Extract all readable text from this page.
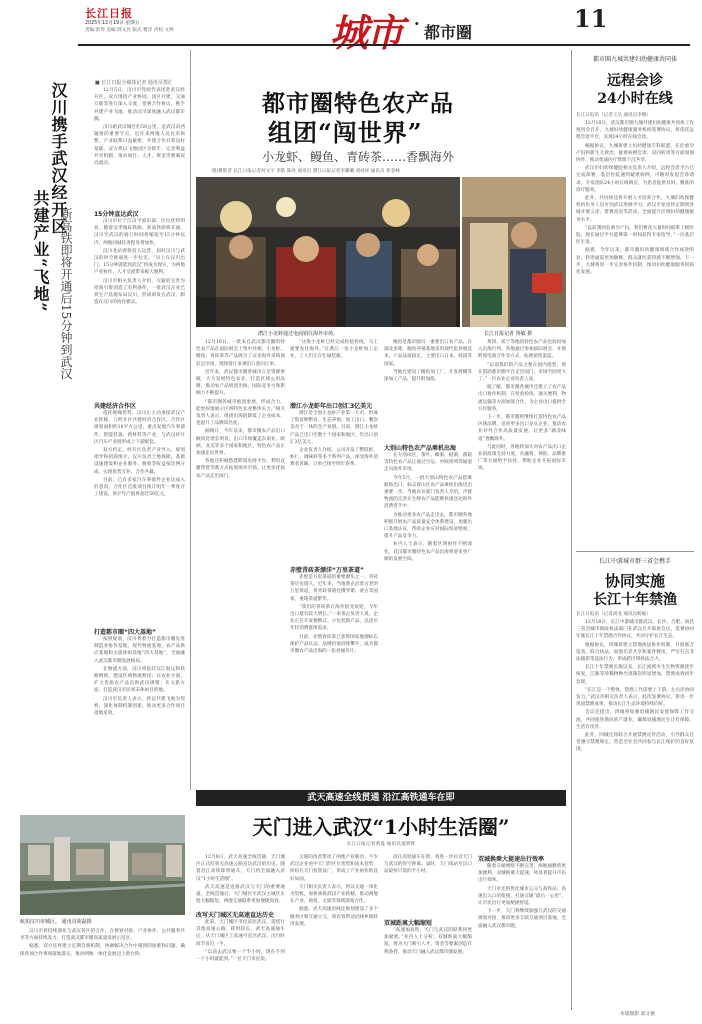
长江日报
2025年12月19日 星期五
责编:彭琴 美编:郭文昌 版式:曹洋 责校:文婷	城市 · 都市圈	11
■ 长江日报全媒体记者 通讯员郑汇
汉川携手武汉经开区
共建产业“飞地” 新高铁即将开通后15分钟到武汉

12月5日，汉川市党政代表团赴武汉经开区，双方围绕产业协同、园区共建、交通互联等进行深入交流，签署合作协议，携手共建产业飞地，推动汉川深度融入武汉都市圈。

汉川距武汉城区约50公里，是武汉向西辐射的重要节点。近年来两地人员往来频繁，产业联系日益紧密，共建合作有着良好基础。双方将以飞地园区为抓手，完善利益共享机制，推动项目、人才、资金等要素双向流动。

15分钟直达武汉

汉川市位于江汉平原东部，区位优势明显。随着汉孝城际铁路、新高铁即将开通，汉川至武汉的通行时间将缩短至15分钟以内，两地同城化进程显著加快。

汉川北站即将投入运营，届时汉川与武汉的时空距离进一步拉近。“早上在汉川出门，15分钟就能到武汉”将成为现实，为两地产业协作、人才交流带来极大便利。

汉川市相关负责人介绍，交通的完善为招商引资创造了有利条件，一批武汉企业已将生产基地布局汉川，形成研发在武汉、制造在汉川的协作模式。

共建经济合作区

依托地缘优势，汉川正主动承接武汉产业转移，与经开区共建经济合作区。合作区规划面积约10平方公里，重点发展汽车零部件、智能装备、新材料等产业，与武汉经开区汽车产业链形成上下游配套。

双方约定，经开区负责产业导入、规划指导和招商推介，汉川负责土地保障、基础设施建设和企业服务，税收等收益按比例分成，实现优势互补、合作共赢。

目前，已有多家汽车零部件企业达成入驻意向，合作区首批项目预计明年一季度开工建设，预计年产值将超过50亿元。

打造都市圈“四大基地”

按照规划，汉川将着力打造都市圈先进制造业协作基地、现代物流基地、农产品供应基地和文旅休闲基地“四大基地”，全面融入武汉都市圈发展格局。

在物流方面，汉川将依托汉江航运和铁路网络，建设区域物流枢纽；在农业方面，扩大优质农产品直供武汉规模；在文旅方面，打造武汉市民周末休闲目的地。

汉川市负责人表示，将以共建飞地为契机，深化体制机制创新，推动更多合作项目落地见效。

航拍汉川市城区。 通讯员胡磊摄

汉川市将持续深化与武汉各区的合作，在规划对接、产业协作、公共服务共享等方面持续发力，打造武汉都市圈高质量发展示范区。

据悉，双方还将建立定期会商机制，协调解决合作中遇到的困难和问题，确保各项合作事项落地落实，推动两地一体化发展迈上新台阶。

都市圈特色农产品
组团“闯世界”
小龙虾、鳗鱼、青砖茶……香飘海外
图/摄影者 长江日报记者何文宇 李皓 陈亮 通讯员 潜江日报记者李璐璐 刘靖祥 通讯员 崔金峰
潜江小龙虾通过电商销往海外市场。	长江日报记者 鲁敏 摄

12月16日，一批来自武汉都市圈的特色农产品在国际展会上集中亮相，小龙虾、鳗鱼、青砖茶等产品吸引了众多海外采购商驻足洽谈，现场签订多项出口意向订单。

近年来，武汉都市圈各城市立足资源禀赋，大力发展特色农业，打造区域公用品牌，推动农产品组团出海，国际竞争力和影响力不断提升。

“都市圈各城市抱团参展，形成合力，能更好地展示区域特色农业整体实力。”相关负责人表示，组团出海既降低了企业成本，也提升了品牌知名度。

据统计，今年以来，都市圈农产品出口额同比增长明显，出口市场覆盖东南亚、欧洲、北美等多个国家和地区，特色农产品正加速走向世界。

各地还积极搭建跨境电商平台，利用直播带货等新方式拓展海外市场，让更多优质农产品走出国门。

“这批小龙虾已经完成检验检疫，马上就要发往海外。”在潜江一家小龙虾加工企业，工人们正在忙碌装箱。

潜江小龙虾年出口创汇3亿美元

潜江是全国小龙虾产业第一大市，形成了集苗种繁育、生态养殖、加工出口、餐饮美食于一体的全产业链。目前，潜江小龙虾产品已出口至数十个国家和地区，年出口创汇3亿美元。

企业负责人介绍，公司开发了整肢虾、虾仁、调味虾等多个系列产品，深受海外消费者青睐，订单已排至明年春季。

赤壁青砖茶漂洋“万里茶道”

赤壁是万里茶道的重要源头之一，青砖茶历史悠久。近年来，当地茶企沿着古老的万里茶道，将青砖茶销往俄罗斯、蒙古等国家，重现茶道繁华。

“我们的青砖茶在海外很受欢迎，今年出口量有较大增长。”一家茶企负责人说，企业正在开发便携式、小包装新产品，以适应年轻消费群体需求。

目前，赤壁青砖茶已获得国家地理标志保护产品认证，品牌价值持续攀升，成为都市圈农产品出海的一张亮丽名片。

鳗鱼是都市圈另一重要出口农产品。在湖北多地，鳗鱼养殖基地采用现代化养殖技术，产品品质稳定，主要出口日本、韩国等国家。

当地还建设了鳗鱼加工厂，开发烤鳗等深加工产品，提升附加值。

大别山特色农产品乘机出海

在大别山区，茶叶、蜂蜜、板栗、菌菇等特色农产品正通过空运、中欧班列等通道走向海外市场。

今年5月，一批大别山特色农产品搭乘航班出口，标志着山区农产品乘机出海迈出重要一步。当地农业部门负责人介绍，冷链物流的完善让生鲜农产品能够快速送达海外消费者手中。

为推动更多农产品走出去，都市圈各地积极开展农产品质量安全体系建设，加强出口基地认证，帮助企业应对国际贸易壁垒，提升产品竞争力。

业内人士表示，随着区域协作不断深化，武汉都市圈特色农产品出海将迎来更广阔的发展空间。

黄冈、咸宁等地的特色农产品也纷纷加入出海行列。各地通过参加国际展会、开展跨境电商合作等方式，拓展销售渠道。

“以前我们的产品主要在国内销售，现在借助都市圈平台走出国门，市场空间更大了。”一位农业企业负责人说。

据了解，都市圈各城市还建立了农产品出口协作机制，在检验检疫、通关便利、物流运输等方面加强合作，为企业出口提供全方位服务。

下一步，都市圈将继续打造特色农产品区域品牌，培育更多出口龙头企业，推动农业对外合作高质量发展，让更多“湖北味道”香飘海外。

与此同时，各地将加大对农产品出口企业的政策支持力度，在融资、保险、品牌推广等方面给予扶持，帮助企业开拓国际市场。

都市圈九城共建妇幼健康共同体
远程会诊
24小时在线
长江日报讯（记者王丛 通讯员李娜）

12月18日，武汉都市圈九城共建妇幼健康共同体工作推进会召开，九城妇幼健康服务机构签署协议，将依托远程会诊平台，实现24小时在线会诊。

根据协议，九城将建立妇幼健康专科联盟，在危重孕产妇和新生儿救治、疑难病例会诊、双向转诊等方面加强协作，推动优质医疗资源下沉共享。

武汉市妇幼保健院相关负责人介绍，远程会诊平台已完成部署，基层医院遇到疑难病例，可随时发起会诊请求，专家团队24小时在线响应，为患者提供及时、精准的诊疗服务。

此外，共同体还将开展人才培养合作，九城妇幼保健机构医务人员可到武汉进修学习，武汉专家也将定期到各城开展义诊、带教查房等活动，全面提升区域妇幼健康服务水平。

“以前遇到危重孕产妇，我们要花大量时间联系上级医院，现在通过平台能够第一时间获得专家指导。”一位基层医生说。

据悉，今年以来，都市圈妇幼健康领域合作成效明显，转诊通道更加顺畅，群众就医获得感不断增强。下一步，九城将进一步完善协作机制，推动妇幼健康服务同质化发展。

长江中游城市群三省会携手
协同实施
长江十年禁渔
长江日报讯（记者胡龙 通讯员杨敏）

12月18日，长江中游城市群武汉、长沙、合肥、南昌三省会城市渔政执法部门在武汉召开联席会议，签署协同实施长江十年禁渔合作协议，共同守护长江生态。

根据协议，四城将建立禁渔执法协作机制，开展联合巡查、联合执法，加强信息共享和案件移送，严厉打击非法捕捞等违法行为，形成跨区域执法合力。

长江十年禁渔实施以来，长江流域水生生物资源逐步恢复，江豚等珍稀物种出现频次明显增加，禁渔成效初步显现。

“长江是一个整体，禁渔工作需要上下游、左右岸协同发力。”武汉市相关负责人表示，此次签署协议，将进一步巩固禁渔成果，推动长江生态环境持续向好。

会议还提出，四城将加强退捕渔民安置保障工作交流，共同推进渔民转产就业，确保退捕渔民生计有保障、生活有改善。

此外，四城还将联合开展禁渔宣传活动，引导群众自觉遵守禁渔规定，营造全社会共同参与长江保护的良好氛围。

武天高速全线贯通 沿江高铁通车在即
天门进入武汉“1小时生活圈”
长江日报记者黄曼 通讯员童明辉

12月8日，武天高速全线贯通，天门城区正式结束无高速公路直达武汉的历史。随着沿江高铁即将通车，天门将全面融入武汉“1小时生活圈”。

武天高速是连接武汉与天门的重要通道，全线贯通后，天门城区至武汉主城区车程大幅缩短，两地交通联系更加便捷高效。

改写天门城区无高速直达历史

此前，天门城区市民前往武汉，需绕行其他高速公路，耗时较长。武天高速通车后，从天门城区上高速可直达武汉，出行时间节省近一半。

“以前去武汉要一个半小时，现在不到一个小时就能到。”一位天门市民说。

交通的改善带动了两地产业联动。不少武汉企业看中天门的区位优势和成本优势，纷纷在天门投资设厂，形成了产业协作的良好局面。

天门相关负责人表示，将以交通一体化为契机，加快承接武汉产业转移，推动两地在产业、商贸、文旅等领域深度合作。

据悉，武天高速沿线还规划建设了多个服务区和互通立交，将有效带动沿线乡镇经济发展。

沿江高铁通车在即，将进一步拉近天门与武汉的时空距离。届时，天门南站至汉口站最快只需约半小时。

双城距离大幅缩短

“高速加高铁，天门与武汉的联系将更加紧密。”业内人士分析，双城距离大幅缩短，将为天门吸引人才、资金等要素创造有利条件，推动天门融入武汉都市圈发展。

双城换乘大提速出行效率

随着交通网络不断完善，两地通勤将更加便利，双城换乘大提速，将显著提升市民出行效率。

天门市还将优化城市公交与高铁站、高速出入口的衔接，打通交通“最后一公里”，让市民出行更加便捷舒适。

下一步，天门将继续加强与武汉的交通规划对接，推动更多互联互通项目落地，全面融入武汉都市圈。

本版摄影 蔡文摄
